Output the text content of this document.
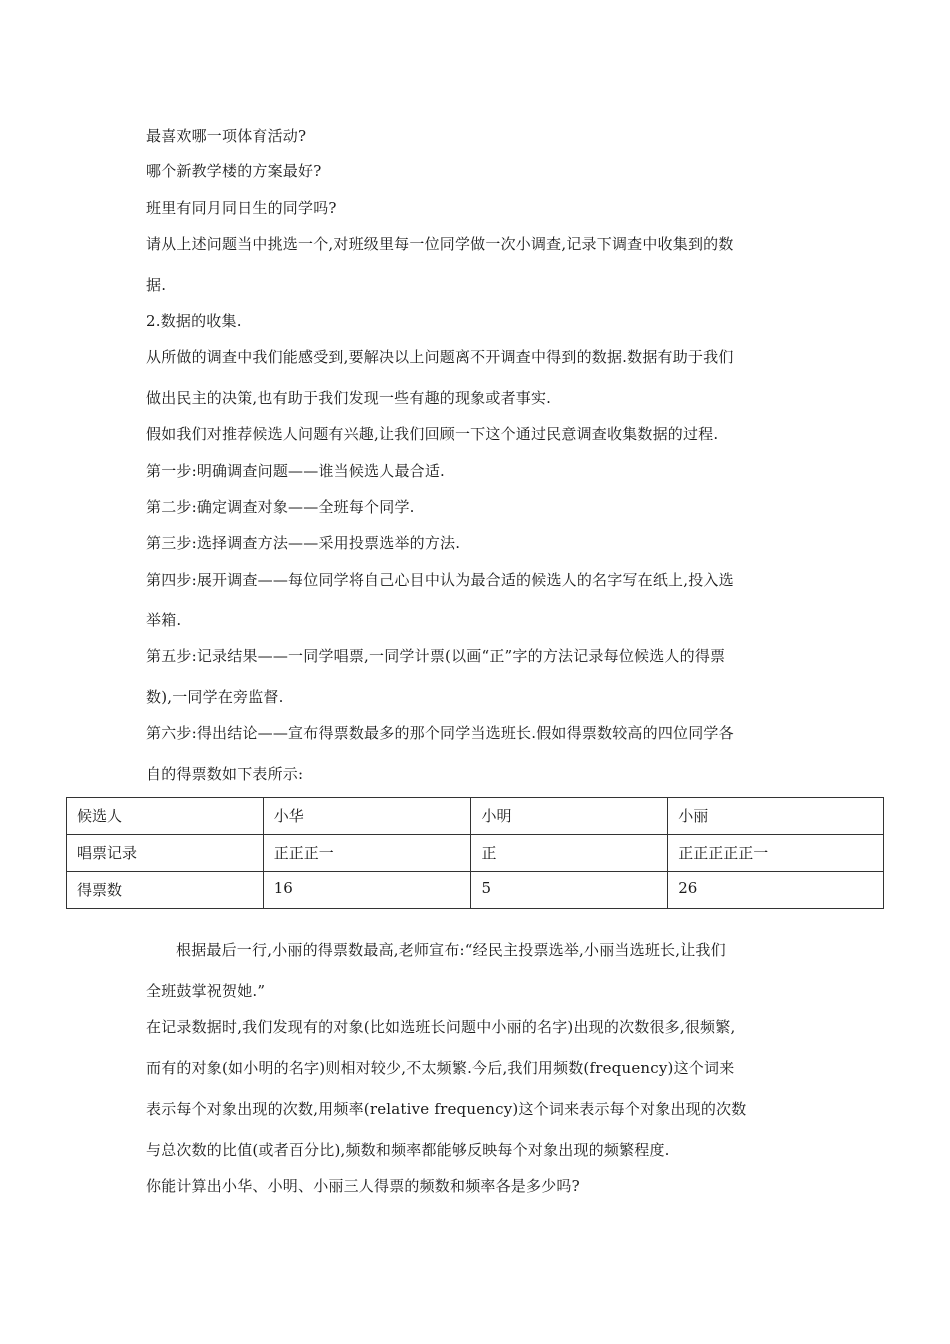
最喜欢哪一项体育活动?
哪个新教学楼的方案最好?
班里有同月同日生的同学吗?
请从上述问题当中挑选一个,对班级里每一位同学做一次小调查,记录下调查中收集到的数
据.
2.数据的收集.
从所做的调查中我们能感受到,要解决以上问题离不开调查中得到的数据.数据有助于我们
做出民主的决策,也有助于我们发现一些有趣的现象或者事实.
假如我们对推荐候选人问题有兴趣,让我们回顾一下这个通过民意调查收集数据的过程.
第一步:明确调查问题——谁当候选人最合适.
第二步:确定调查对象——全班每个同学.
第三步:选择调查方法——采用投票选举的方法.
第四步:展开调查——每位同学将自己心目中认为最合适的候选人的名字写在纸上,投入选
举箱.
第五步:记录结果——一同学唱票,一同学计票(以画“正”字的方法记录每位候选人的得票
数),一同学在旁监督.
第六步:得出结论——宣布得票数最多的那个同学当选班长.假如得票数较高的四位同学各
自的得票数如下表所示:
候选人	小华	小明	小丽
唱票记录	正正正一	正	正正正正正一
得票数	16	5	26
根据最后一行,小丽的得票数最高,老师宣布:“经民主投票选举,小丽当选班长,让我们
全班鼓掌祝贺她.”
在记录数据时,我们发现有的对象(比如选班长问题中小丽的名字)出现的次数很多,很频繁,
而有的对象(如小明的名字)则相对较少,不太频繁.今后,我们用频数(frequency)这个词来
表示每个对象出现的次数,用频率(relative frequency)这个词来表示每个对象出现的次数
与总次数的比值(或者百分比),频数和频率都能够反映每个对象出现的频繁程度.
你能计算出小华、小明、小丽三人得票的频数和频率各是多少吗?
